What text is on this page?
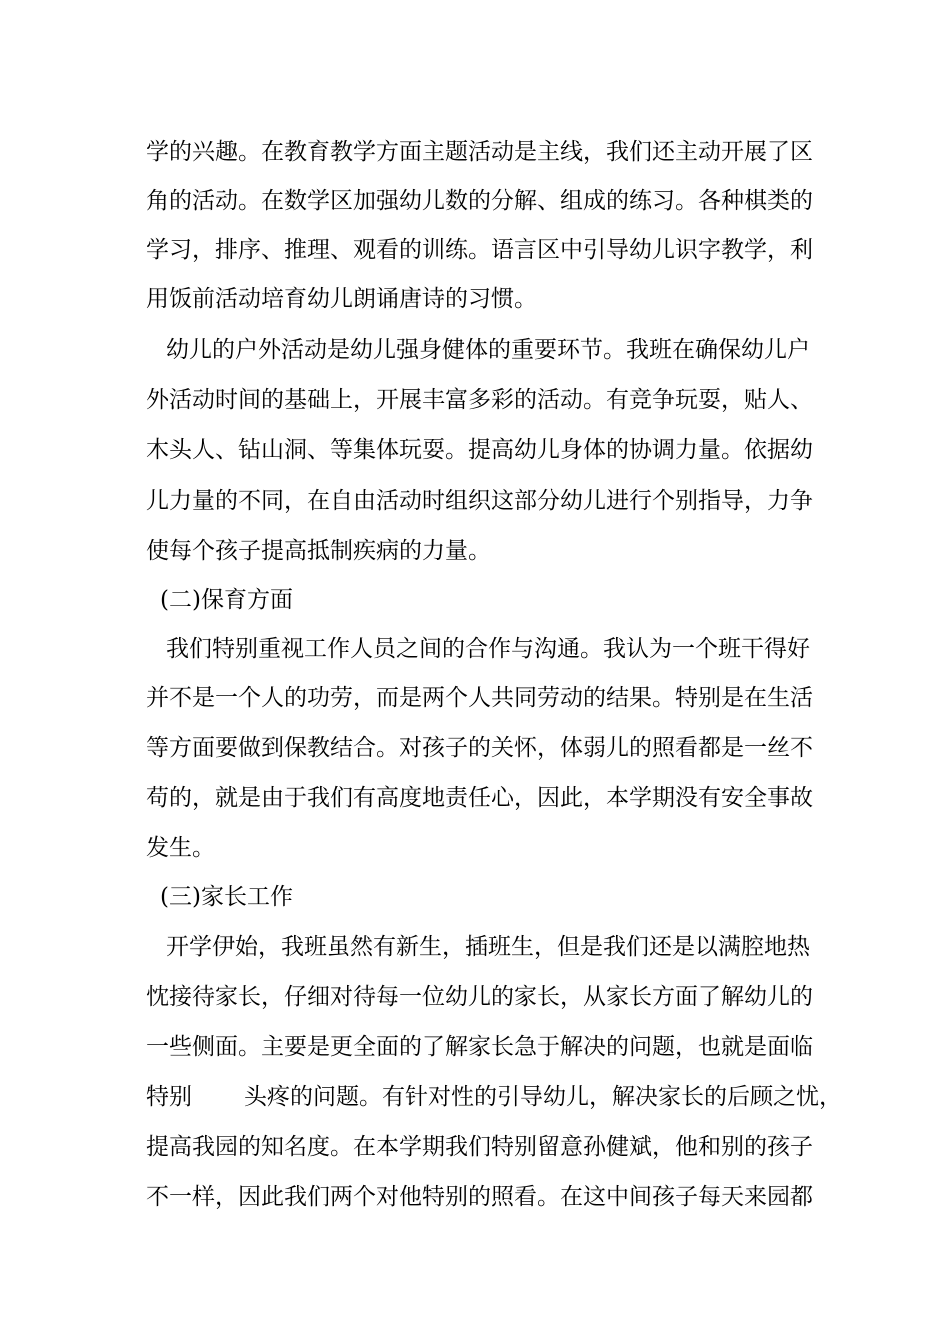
学的兴趣。在教育教学方面主题活动是主线，我们还主动开展了区
角的活动。在数学区加强幼儿数的分解、组成的练习。各种棋类的
学习，排序、推理、观看的训练。语言区中引导幼儿识字教学，利
用饭前活动培育幼儿朗诵唐诗的习惯。
幼儿的户外活动是幼儿强身健体的重要环节。我班在确保幼儿户
外活动时间的基础上，开展丰富多彩的活动。有竞争玩耍，贴人、
木头人、钻山洞、等集体玩耍。提高幼儿身体的协调力量。依据幼
儿力量的不同，在自由活动时组织这部分幼儿进行个别指导，力争
使每个孩子提高抵制疾病的力量。
(二)保育方面
我们特别重视工作人员之间的合作与沟通。我认为一个班干得好
并不是一个人的功劳，而是两个人共同劳动的结果。特别是在生活
等方面要做到保教结合。对孩子的关怀，体弱儿的照看都是一丝不
苟的，就是由于我们有高度地责任心，因此，本学期没有安全事故
发生。
(三)家长工作
开学伊始，我班虽然有新生，插班生，但是我们还是以满腔地热
忱接待家长，仔细对待每一位幼儿的家长，从家长方面了解幼儿的
一些侧面。主要是更全面的了解家长急于解决的问题，也就是面临
特别 头疼的问题。有针对性的引导幼儿，解决家长的后顾之忧，
提高我园的知名度。在本学期我们特别留意孙健斌，他和别的孩子
不一样，因此我们两个对他特别的照看。在这中间孩子每天来园都
